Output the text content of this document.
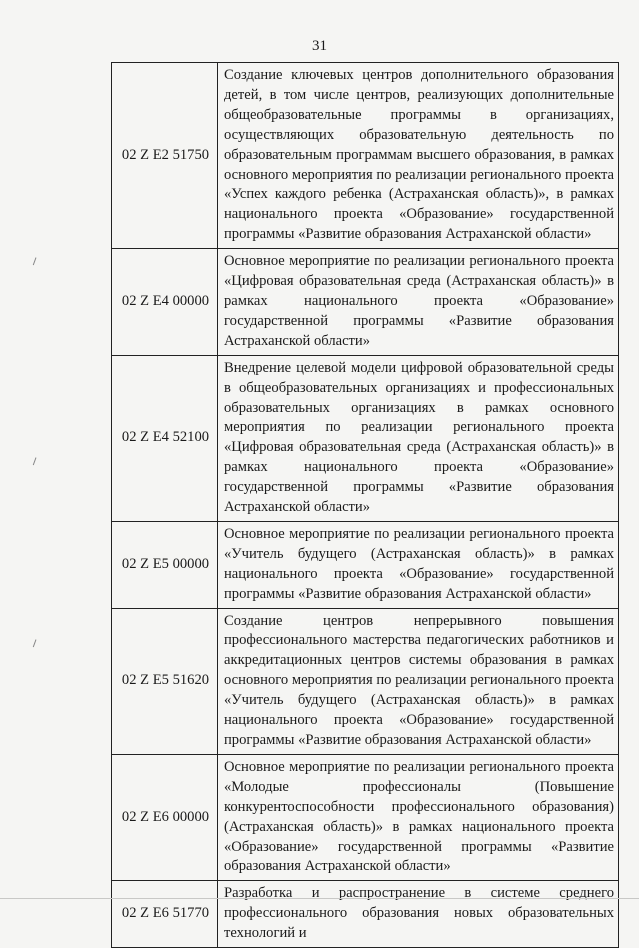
31
02 Z E2 51750	Создание ключевых центров дополнительного образования детей, в том числе центров, реализующих дополнительные общеобразовательные программы в организациях, осуществляющих образовательную деятельность по образовательным программам высшего образования, в рамках основного мероприятия по реализации регионального проекта «Успех каждого ребенка (Астраханская область)», в рамках национального проекта «Образование» государственной программы «Развитие образования Астраханской области»
02 Z E4 00000	Основное мероприятие по реализации регионального проекта «Цифровая образовательная среда (Астраханская область)» в рамках национального проекта «Образование» государственной программы «Развитие образования Астраханской области»
02 Z E4 52100	Внедрение целевой модели цифровой образовательной среды в общеобразовательных организациях и профессиональных образовательных организациях в рамках основного мероприятия по реализации регионального проекта «Цифровая образовательная среда (Астраханская область)» в рамках национального проекта «Образование» государственной программы «Развитие образования Астраханской области»
02 Z E5 00000	Основное мероприятие по реализации регионального проекта «Учитель будущего (Астраханская область)» в рамках национального проекта «Образование» государственной программы «Развитие образования Астраханской области»
02 Z E5 51620	Создание центров непрерывного повышения профессионального мастерства педагогических работников и аккредитационных центров системы образования в рамках основного мероприятия по реализации регионального проекта «Учитель будущего (Астраханская область)» в рамках национального проекта «Образование» государственной программы «Развитие образования Астраханской области»
02 Z E6 00000	Основное мероприятие по реализации регионального проекта «Молодые профессионалы (Повышение конкурентоспособности профессионального образования) (Астраханская область)» в рамках национального проекта «Образование» государственной программы «Развитие образования Астраханской области»
02 Z E6 51770	Разработка и распространение в системе среднего профессионального образования новых образовательных технологий и
